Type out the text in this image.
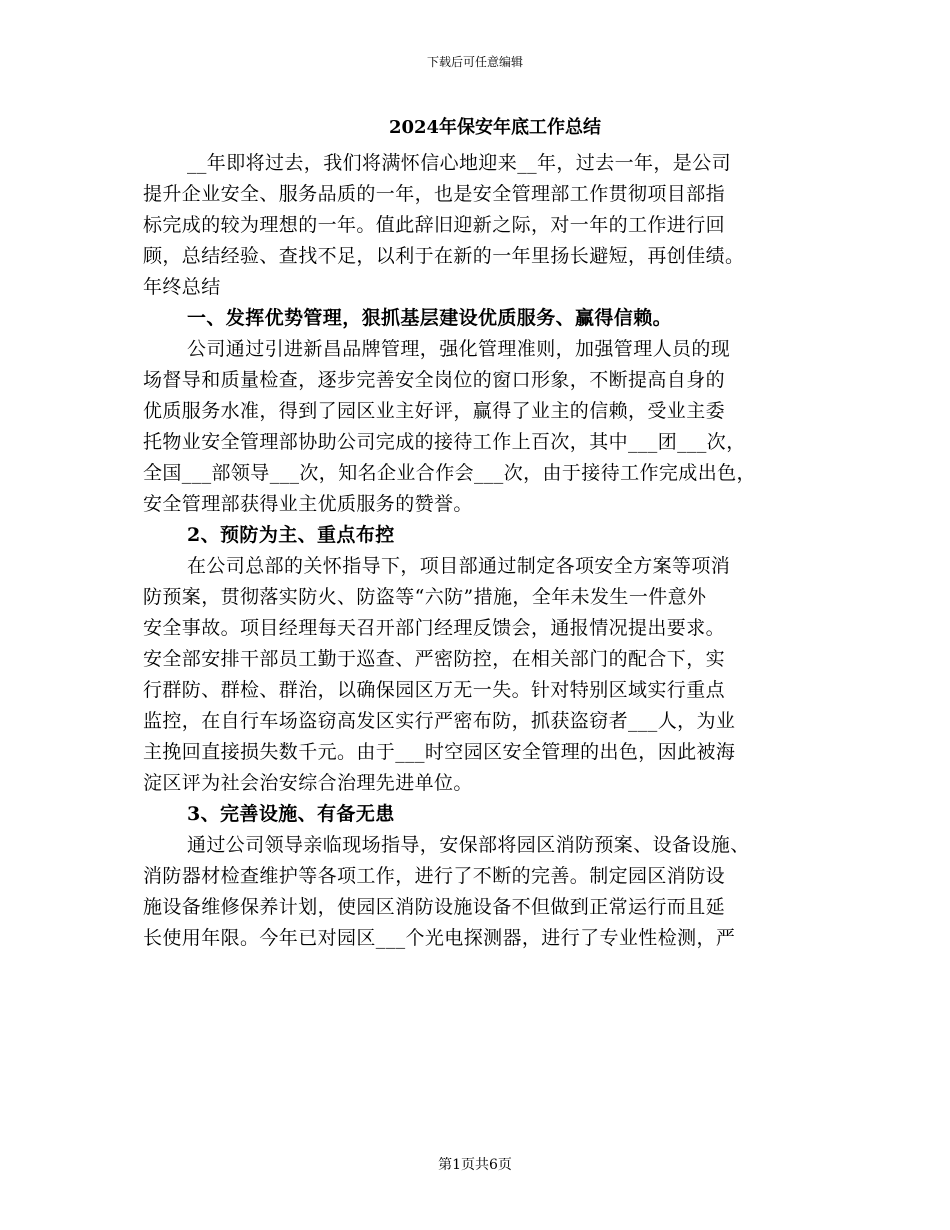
下载后可任意编辑
2024年保安年底工作总结
__年即将过去，我们将满怀信心地迎来__年，过去一年，是公司
提升企业安全、服务品质的一年，也是安全管理部工作贯彻项目部指
标完成的较为理想的一年。值此辞旧迎新之际，对一年的工作进行回
顾，总结经验、查找不足，以利于在新的一年里扬长避短，再创佳绩。
年终总结
一、发挥优势管理，狠抓基层建设优质服务、赢得信赖。
公司通过引进新昌品牌管理，强化管理准则，加强管理人员的现
场督导和质量检查，逐步完善安全岗位的窗口形象，不断提高自身的
优质服务水准，得到了园区业主好评，赢得了业主的信赖，受业主委
托物业安全管理部协助公司完成的接待工作上百次，其中___团___次，
全国___部领导___次，知名企业合作会___次，由于接待工作完成出色，
安全管理部获得业主优质服务的赞誉。
2、预防为主、重点布控
在公司总部的关怀指导下，项目部通过制定各项安全方案等项消
防预案，贯彻落实防火、防盗等“六防”措施，全年未发生一件意外
安全事故。项目经理每天召开部门经理反馈会，通报情况提出要求。
安全部安排干部员工勤于巡查、严密防控，在相关部门的配合下，实
行群防、群检、群治，以确保园区万无一失。针对特别区域实行重点
监控，在自行车场盗窃高发区实行严密布防，抓获盗窃者___人，为业
主挽回直接损失数千元。由于___时空园区安全管理的出色，因此被海
淀区评为社会治安综合治理先进单位。
3、完善设施、有备无患
通过公司领导亲临现场指导，安保部将园区消防预案、设备设施、
消防器材检查维护等各项工作，进行了不断的完善。制定园区消防设
施设备维修保养计划，使园区消防设施设备不但做到正常运行而且延
长使用年限。今年已对园区___个光电探测器，进行了专业性检测，严
第1页共6页
